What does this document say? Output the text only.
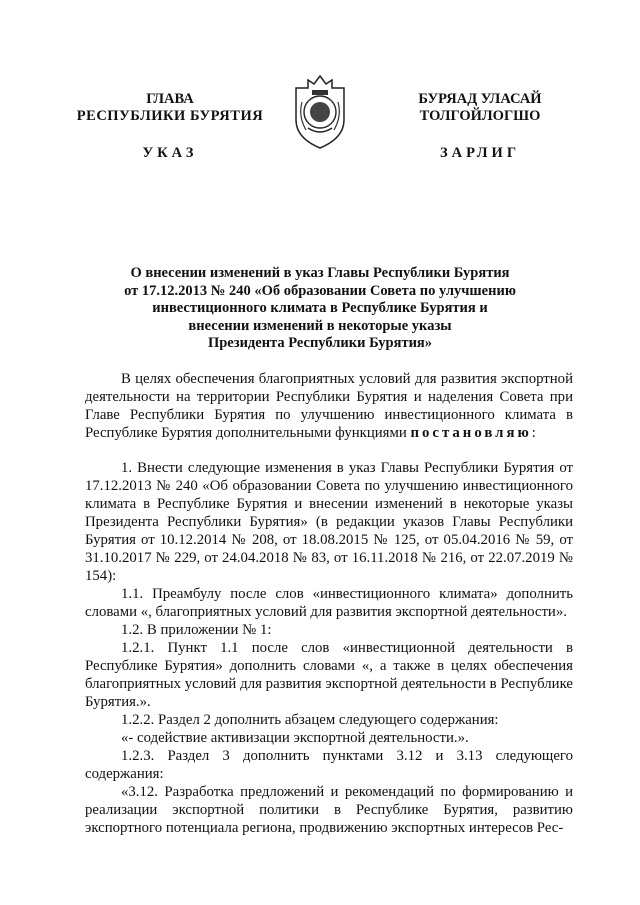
ГЛАВА
РЕСПУБЛИКИ БУРЯТИЯ
УКАЗ
БУРЯАД УЛАСАЙ
ТОЛГОЙЛОГШО
ЗАРЛИГ
О внесении изменений в указ Главы Республики Бурятия
от 17.12.2013 № 240 «Об образовании Совета по улучшению
инвестиционного климата в Республике Бурятия и
внесении изменений в некоторые указы
Президента Республики Бурятия»

В целях обеспечения благоприятных условий для развития экспортной деятельности на территории Республики Бурятия и наделения Совета при Главе Республики Бурятия по улучшению инвестиционного климата в Республике Бурятия дополнительными функциями постановляю:

1. Внести следующие изменения в указ Главы Республики Бурятия от 17.12.2013 № 240 «Об образовании Совета по улучшению инвестиционного климата в Республике Бурятия и внесении изменений в некоторые указы Президента Республики Бурятия» (в редакции указов Главы Республики Бурятия от 10.12.2014 № 208, от 18.08.2015 № 125, от 05.04.2016 № 59, от 31.10.2017 № 229, от 24.04.2018 № 83, от 16.11.2018 № 216, от 22.07.2019 № 154):

1.1. Преамбулу после слов «инвестиционного климата» дополнить словами «, благоприятных условий для развития экспортной деятельности».

1.2. В приложении № 1:

1.2.1. Пункт 1.1 после слов «инвестиционной деятельности в Республике Бурятия» дополнить словами «, а также в целях обеспечения благоприятных условий для развития экспортной деятельности в Республике Бурятия.».

1.2.2. Раздел 2 дополнить абзацем следующего содержания:

«- содействие активизации экспортной деятельности.».

1.2.3. Раздел 3 дополнить пунктами 3.12 и 3.13 следующего содержания:

«3.12. Разработка предложений и рекомендаций по формированию и реализации экспортной политики в Республике Бурятия, развитию экспортного потенциала региона, продвижению экспортных интересов Рес-
